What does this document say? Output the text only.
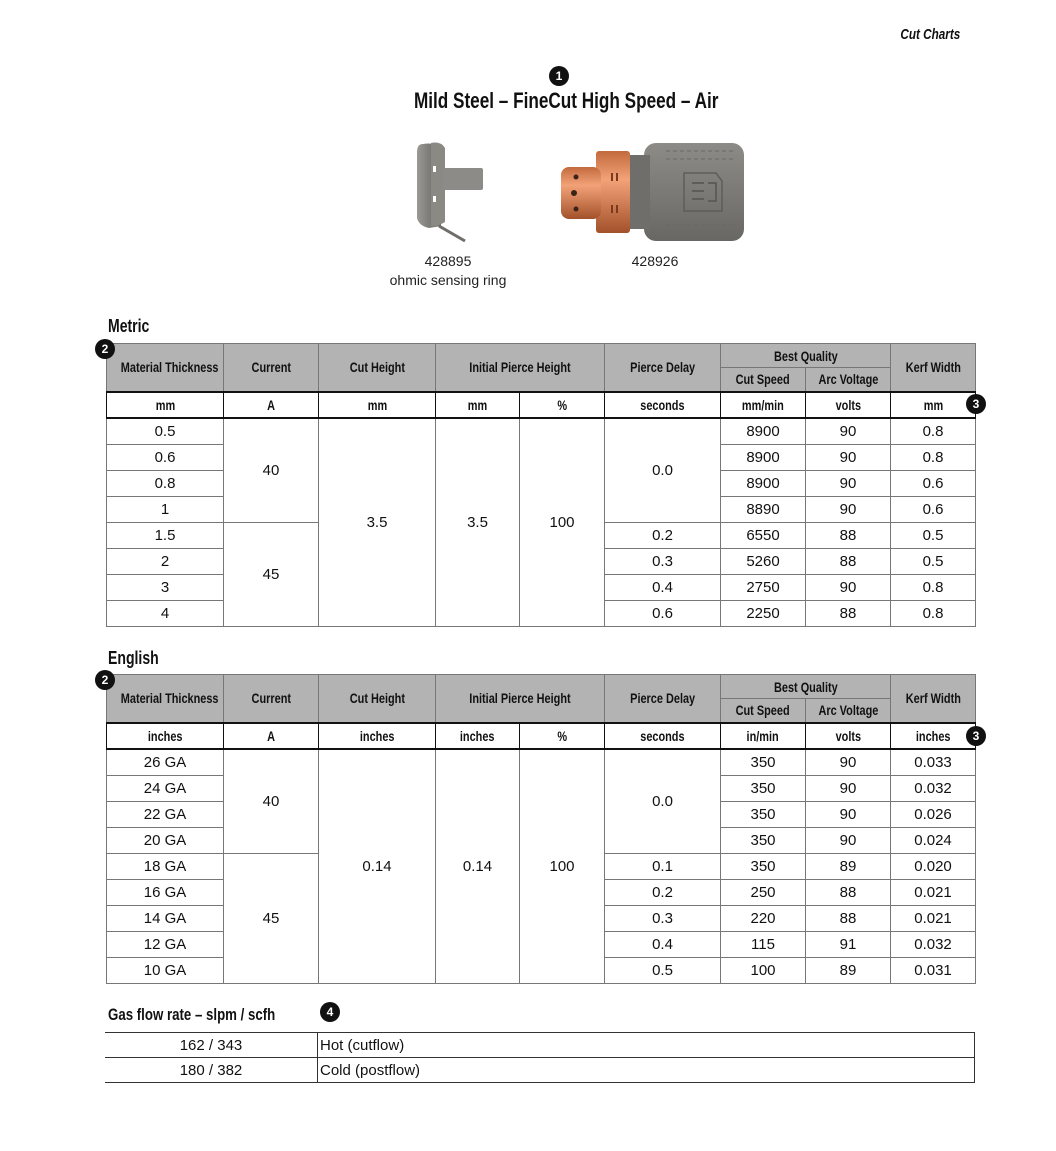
Cut Charts
1
Mild Steel – FineCut High Speed – Air
428895
ohmic sensing ring
428926
Metric
2
3
Material Thickness	Current	Cut Height	Initial Pierce Height		Pierce Delay	Best Quality		Kerf Width
						Cut Speed	Arc Voltage	
mm	A	mm	mm	%	seconds	mm/min	volts	mm
0.5	40	3.5	3.5	100	0.0	8900	90	0.8
0.6						8900	90	0.8
0.8						8900	90	0.6
1						8890	90	0.6
1.5	45				0.2	6550	88	0.5
2					0.3	5260	88	0.5
3					0.4	2750	90	0.8
4					0.6	2250	88	0.8
English
2
3
Material Thickness	Current	Cut Height	Initial Pierce Height		Pierce Delay	Best Quality		Kerf Width
						Cut Speed	Arc Voltage	
inches	A	inches	inches	%	seconds	in/min	volts	inches
26 GA	40	0.14	0.14	100	0.0	350	90	0.033
24 GA						350	90	0.032
22 GA						350	90	0.026
20 GA						350	90	0.024
18 GA	45				0.1	350	89	0.020
16 GA					0.2	250	88	0.021
14 GA					0.3	220	88	0.021
12 GA					0.4	115	91	0.032
10 GA					0.5	100	89	0.031
Gas flow rate – slpm / scfh	4
162 / 343	Hot (cutflow)
180 / 382	Cold (postflow)
